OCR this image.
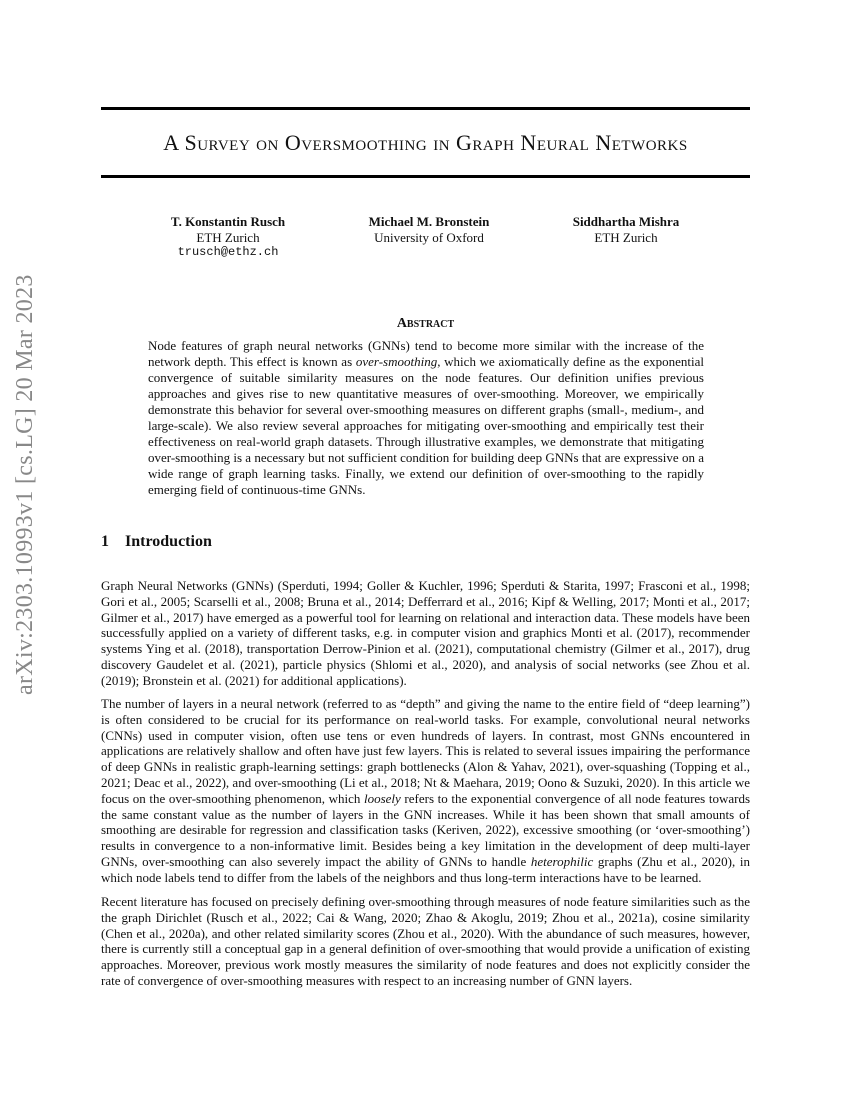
arXiv:2303.10993v1 [cs.LG] 20 Mar 2023
A Survey on Oversmoothing in Graph Neural Networks
T. Konstantin Rusch
ETH Zurich
trusch@ethz.ch
Michael M. Bronstein
University of Oxford
Siddhartha Mishra
ETH Zurich
Abstract

Node features of graph neural networks (GNNs) tend to become more similar with the increase of the network depth. This effect is known as over-smoothing, which we axiomatically define as the exponential convergence of suitable similarity measures on the node features. Our definition unifies previous approaches and gives rise to new quantitative measures of over-smoothing. Moreover, we empirically demonstrate this behavior for several over-smoothing measures on different graphs (small-, medium-, and large-scale). We also review several approaches for mitigating over-smoothing and empirically test their effectiveness on real-world graph datasets. Through illustrative examples, we demonstrate that mitigating over-smoothing is a necessary but not sufficient condition for building deep GNNs that are expressive on a wide range of graph learning tasks. Finally, we extend our definition of over-smoothing to the rapidly emerging field of continuous-time GNNs.

1 Introduction

Graph Neural Networks (GNNs) (Sperduti, 1994; Goller & Kuchler, 1996; Sperduti & Starita, 1997; Frasconi et al., 1998; Gori et al., 2005; Scarselli et al., 2008; Bruna et al., 2014; Defferrard et al., 2016; Kipf & Welling, 2017; Monti et al., 2017; Gilmer et al., 2017) have emerged as a powerful tool for learning on relational and interaction data. These models have been successfully applied on a variety of different tasks, e.g. in computer vision and graphics Monti et al. (2017), recommender systems Ying et al. (2018), transportation Derrow-Pinion et al. (2021), computational chemistry (Gilmer et al., 2017), drug discovery Gaudelet et al. (2021), particle physics (Shlomi et al., 2020), and analysis of social networks (see Zhou et al. (2019); Bronstein et al. (2021) for additional applications).

The number of layers in a neural network (referred to as “depth” and giving the name to the entire field of “deep learning”) is often considered to be crucial for its performance on real-world tasks. For example, convolutional neural networks (CNNs) used in computer vision, often use tens or even hundreds of layers. In contrast, most GNNs encountered in applications are relatively shallow and often have just few layers. This is related to several issues impairing the performance of deep GNNs in realistic graph-learning settings: graph bottlenecks (Alon & Yahav, 2021), over-squashing (Topping et al., 2021; Deac et al., 2022), and over-smoothing (Li et al., 2018; Nt & Maehara, 2019; Oono & Suzuki, 2020). In this article we focus on the over-smoothing phenomenon, which loosely refers to the exponential convergence of all node features towards the same constant value as the number of layers in the GNN increases. While it has been shown that small amounts of smoothing are desirable for regression and classification tasks (Keriven, 2022), excessive smoothing (or ‘over-smoothing’) results in convergence to a non-informative limit. Besides being a key limitation in the development of deep multi-layer GNNs, over-smoothing can also severely impact the ability of GNNs to handle heterophilic graphs (Zhu et al., 2020), in which node labels tend to differ from the labels of the neighbors and thus long-term interactions have to be learned.

Recent literature has focused on precisely defining over-smoothing through measures of node feature similarities such as the the graph Dirichlet (Rusch et al., 2022; Cai & Wang, 2020; Zhao & Akoglu, 2019; Zhou et al., 2021a), cosine similarity (Chen et al., 2020a), and other related similarity scores (Zhou et al., 2020). With the abundance of such measures, however, there is currently still a conceptual gap in a general definition of over-smoothing that would provide a unification of existing approaches. Moreover, previous work mostly measures the similarity of node features and does not explicitly consider the rate of convergence of over-smoothing measures with respect to an increasing number of GNN layers.
